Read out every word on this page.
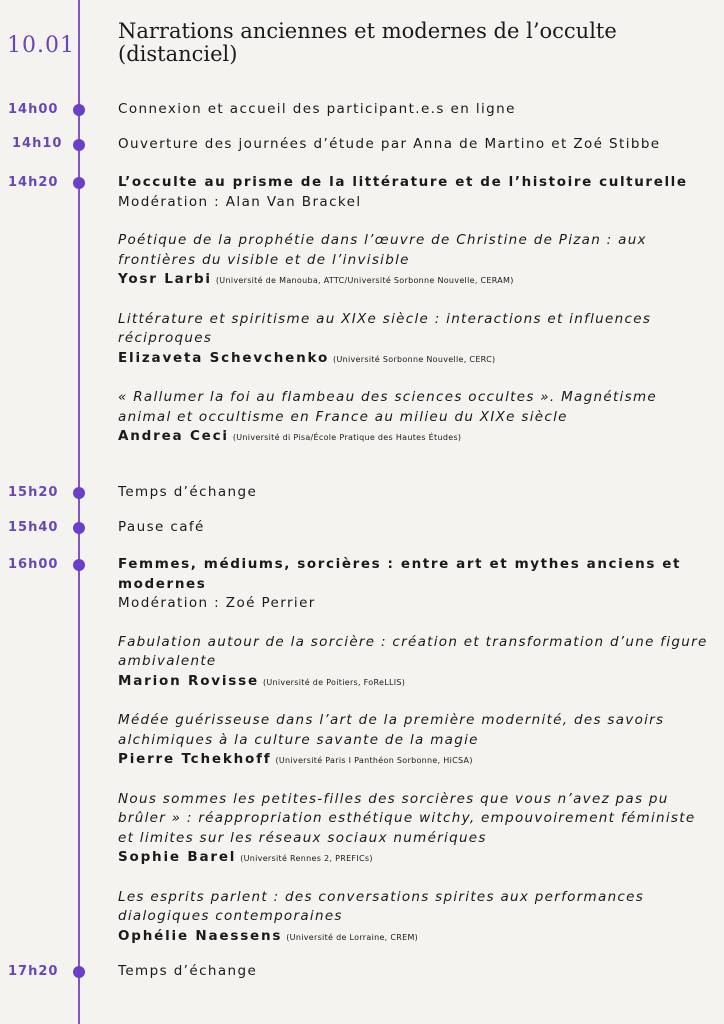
10.01
Narrations anciennes et modernes de l’occulte (distanciel)
14h00	Connexion et accueil des participant.e.s en ligne
14h10	Ouverture des journées d’étude par Anna de Martino et Zoé Stibbe
14h20	L’occulte au prisme de la littérature et de l’histoire culturelle
Modération : Alan Van Brackel
Poétique de la prophétie dans l’œuvre de Christine de Pizan : aux frontières du visible et de l’invisible
Yosr Larbi (Université de Manouba, ATTC/Université Sorbonne Nouvelle, CERAM)
Littérature et spiritisme au XIXe siècle : interactions et influences réciproques
Elizaveta Schevchenko (Université Sorbonne Nouvelle, CERC)
« Rallumer la foi au flambeau des sciences occultes ». Magnétisme animal et occultisme en France au milieu du XIXe siècle
Andrea Ceci (Université di Pisa/École Pratique des Hautes Études)
15h20	Temps d’échange
15h40	Pause café
16h00	Femmes, médiums, sorcières : entre art et mythes anciens et modernes
Modération : Zoé Perrier
Fabulation autour de la sorcière : création et transformation d’une figure ambivalente
Marion Rovisse (Université de Poitiers, FoReLLIS)
Médée guérisseuse dans l’art de la première modernité, des savoirs alchimiques à la culture savante de la magie
Pierre Tchekhoff (Université Paris I Panthéon Sorbonne, HiCSA)
Nous sommes les petites-filles des sorcières que vous n’avez pas pu brûler » : réappropriation esthétique witchy, empouvoirement féministe et limites sur les réseaux sociaux numériques
Sophie Barel (Université Rennes 2, PREFICs)
Les esprits parlent : des conversations spirites aux performances dialogiques contemporaines
Ophélie Naessens (Université de Lorraine, CREM)
17h20	Temps d’échange
